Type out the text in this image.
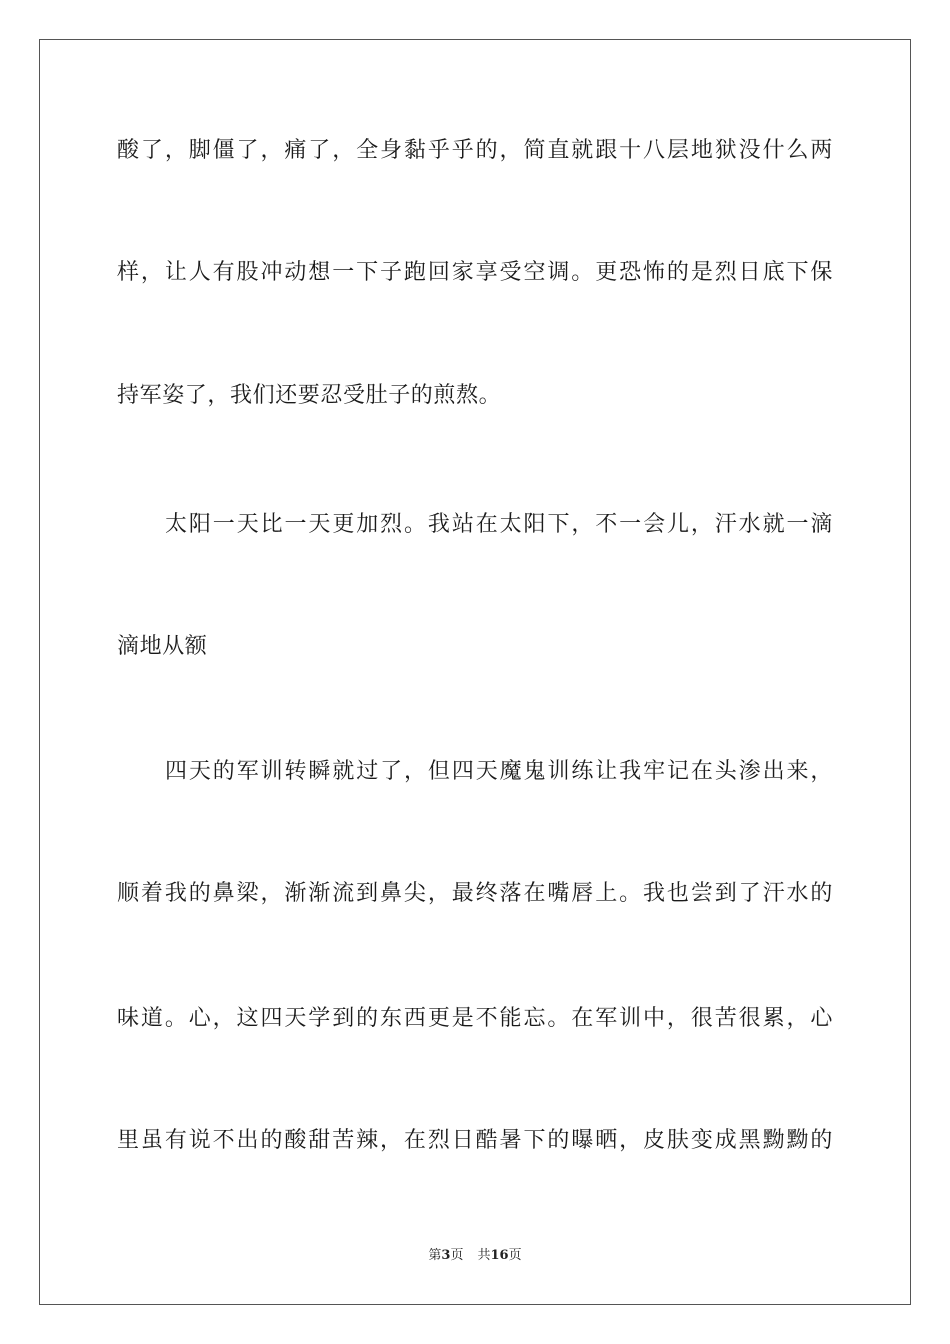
酸了，脚僵了，痛了，全身黏乎乎的，简直就跟十八层地狱没什么两
样，让人有股冲动想一下子跑回家享受空调。更恐怖的是烈日底下保
持军姿了，我们还要忍受肚子的煎熬。
太阳一天比一天更加烈。我站在太阳下，不一会儿，汗水就一滴
滴地从额
四天的军训转瞬就过了，但四天魔鬼训练让我牢记在头渗出来，
顺着我的鼻梁，渐渐流到鼻尖，最终落在嘴唇上。我也尝到了汗水的
味道。心，这四天学到的东西更是不能忘。在军训中，很苦很累，心
里虽有说不出的酸甜苦辣，在烈日酷暑下的曝晒，皮肤变成黑黝黝的
第3页 共16页
